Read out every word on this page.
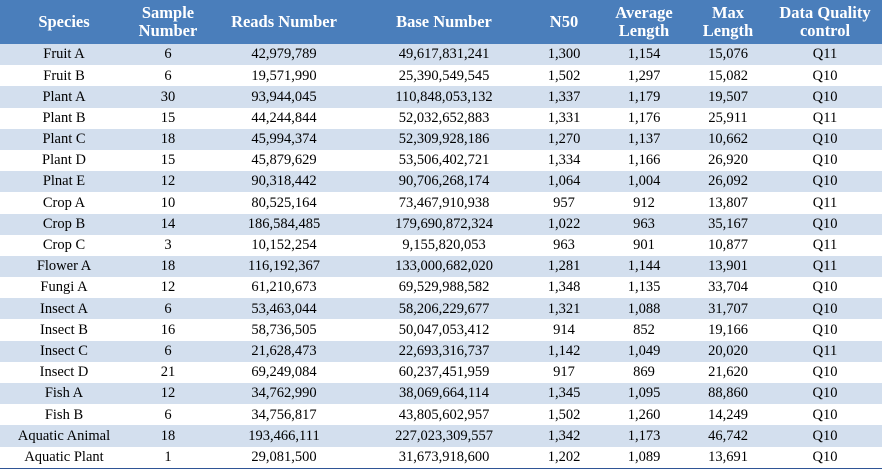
Species	Sample Number	Reads Number	Base Number	N50	Average Length	Max Length	Data Quality control
Fruit A	6	42,979,789	49,617,831,241	1,300	1,154	15,076	Q11
Fruit B	6	19,571,990	25,390,549,545	1,502	1,297	15,082	Q10
Plant A	30	93,944,045	110,848,053,132	1,337	1,179	19,507	Q10
Plant B	15	44,244,844	52,032,652,883	1,331	1,176	25,911	Q11
Plant C	18	45,994,374	52,309,928,186	1,270	1,137	10,662	Q10
Plant D	15	45,879,629	53,506,402,721	1,334	1,166	26,920	Q10
Plnat E	12	90,318,442	90,706,268,174	1,064	1,004	26,092	Q10
Crop A	10	80,525,164	73,467,910,938	957	912	13,807	Q11
Crop B	14	186,584,485	179,690,872,324	1,022	963	35,167	Q10
Crop C	3	10,152,254	9,155,820,053	963	901	10,877	Q11
Flower A	18	116,192,367	133,000,682,020	1,281	1,144	13,901	Q11
Fungi A	12	61,210,673	69,529,988,582	1,348	1,135	33,704	Q10
Insect A	6	53,463,044	58,206,229,677	1,321	1,088	31,707	Q10
Insect B	16	58,736,505	50,047,053,412	914	852	19,166	Q10
Insect C	6	21,628,473	22,693,316,737	1,142	1,049	20,020	Q11
Insect D	21	69,249,084	60,237,451,959	917	869	21,620	Q10
Fish A	12	34,762,990	38,069,664,114	1,345	1,095	88,860	Q10
Fish B	6	34,756,817	43,805,602,957	1,502	1,260	14,249	Q10
Aquatic Animal	18	193,466,111	227,023,309,557	1,342	1,173	46,742	Q10
Aquatic Plant	1	29,081,500	31,673,918,600	1,202	1,089	13,691	Q10
